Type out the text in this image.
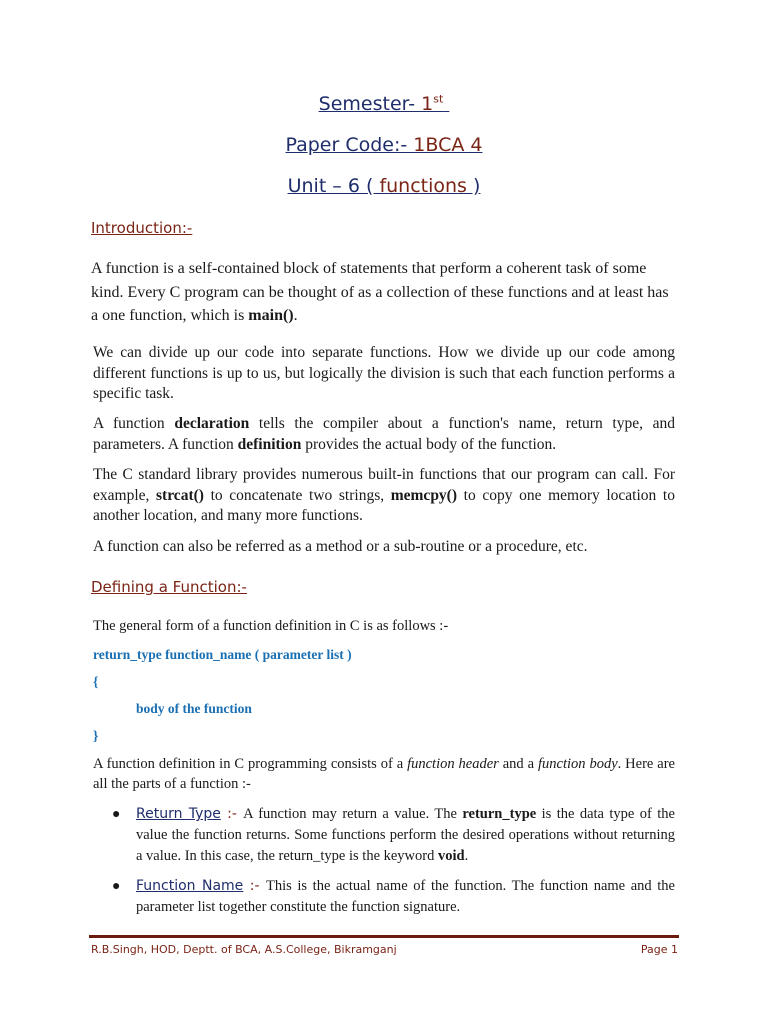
Semester- 1st
Paper Code:- 1BCA 4
Unit – 6 ( functions )
Introduction:-
A function is a self-contained block of statements that perform a coherent task of some kind. Every C program can be thought of as a collection of these functions and at least has a one function, which is main().
We can divide up our code into separate functions. How we divide up our code among different functions is up to us, but logically the division is such that each function performs a specific task.
A function declaration tells the compiler about a function's name, return type, and parameters. A function definition provides the actual body of the function.
The C standard library provides numerous built-in functions that our program can call. For example, strcat() to concatenate two strings, memcpy() to copy one memory location to another location, and many more functions.
A function can also be referred as a method or a sub-routine or a procedure, etc.
Defining a Function:-
The general form of a function definition in C is as follows :-
return_type function_name ( parameter list )
{
body of the function
}
A function definition in C programming consists of a function header and a function body. Here are all the parts of a function :-
● Return Type :- A function may return a value. The return_type is the data type of the value the function returns. Some functions perform the desired operations without returning a value. In this case, the return_type is the keyword void.
● Function Name :- This is the actual name of the function. The function name and the parameter list together constitute the function signature.
R.B.Singh, HOD, Deptt. of BCA, A.S.College, Bikramganj	Page 1
